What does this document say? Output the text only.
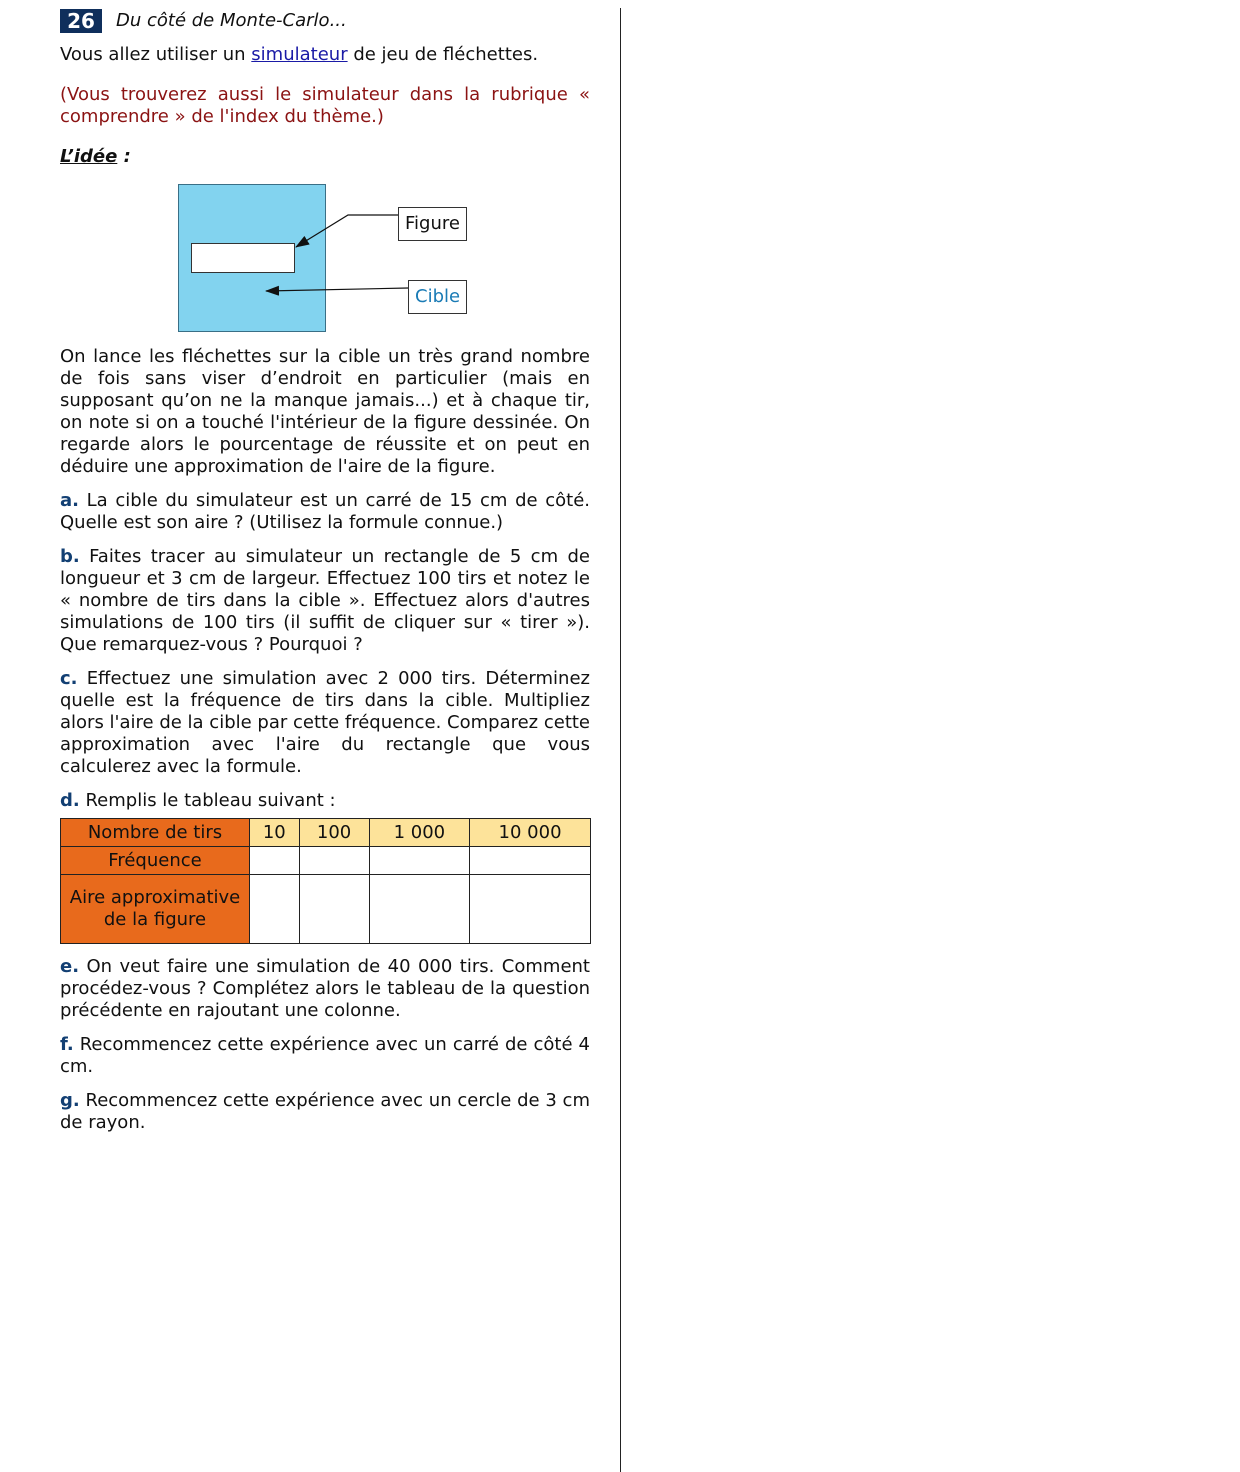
26	Du côté de Monte-Carlo...

Vous allez utiliser un simulateur de jeu de fléchettes.

(Vous trouverez aussi le simulateur dans la rubrique « comprendre » de l'index du thème.)

L’idée :

Figure
Cible

On lance les fléchettes sur la cible un très grand nombre de fois sans viser d’endroit en particulier (mais en supposant qu’on ne la manque jamais...) et à chaque tir, on note si on a touché l'intérieur de la figure dessinée. On regarde alors le pourcentage de réussite et on peut en déduire une approximation de l'aire de la figure.

a. La cible du simulateur est un carré de 15 cm de côté. Quelle est son aire ? (Utilisez la formule connue.)

b. Faites tracer au simulateur un rectangle de 5 cm de longueur et 3 cm de largeur. Effectuez 100 tirs et notez le « nombre de tirs dans la cible ». Effectuez alors d'autres simulations de 100 tirs (il suffit de cliquer sur « tirer »). Que remarquez-vous ? Pourquoi ?

c. Effectuez une simulation avec 2 000 tirs. Déterminez quelle est la fréquence de tirs dans la cible. Multipliez alors l'aire de la cible par cette fréquence. Comparez cette approximation avec l'aire du rectangle que vous calculerez avec la formule.

d. Remplis le tableau suivant :

Nombre de tirs	10	100	1 000	10 000
Fréquence				
Aire approximative de la figure				

e. On veut faire une simulation de 40 000 tirs. Comment procédez-vous ? Complétez alors le tableau de la question précédente en rajoutant une colonne.

f. Recommencez cette expérience avec un carré de côté 4 cm.

g. Recommencez cette expérience avec un cercle de 3 cm de rayon.
